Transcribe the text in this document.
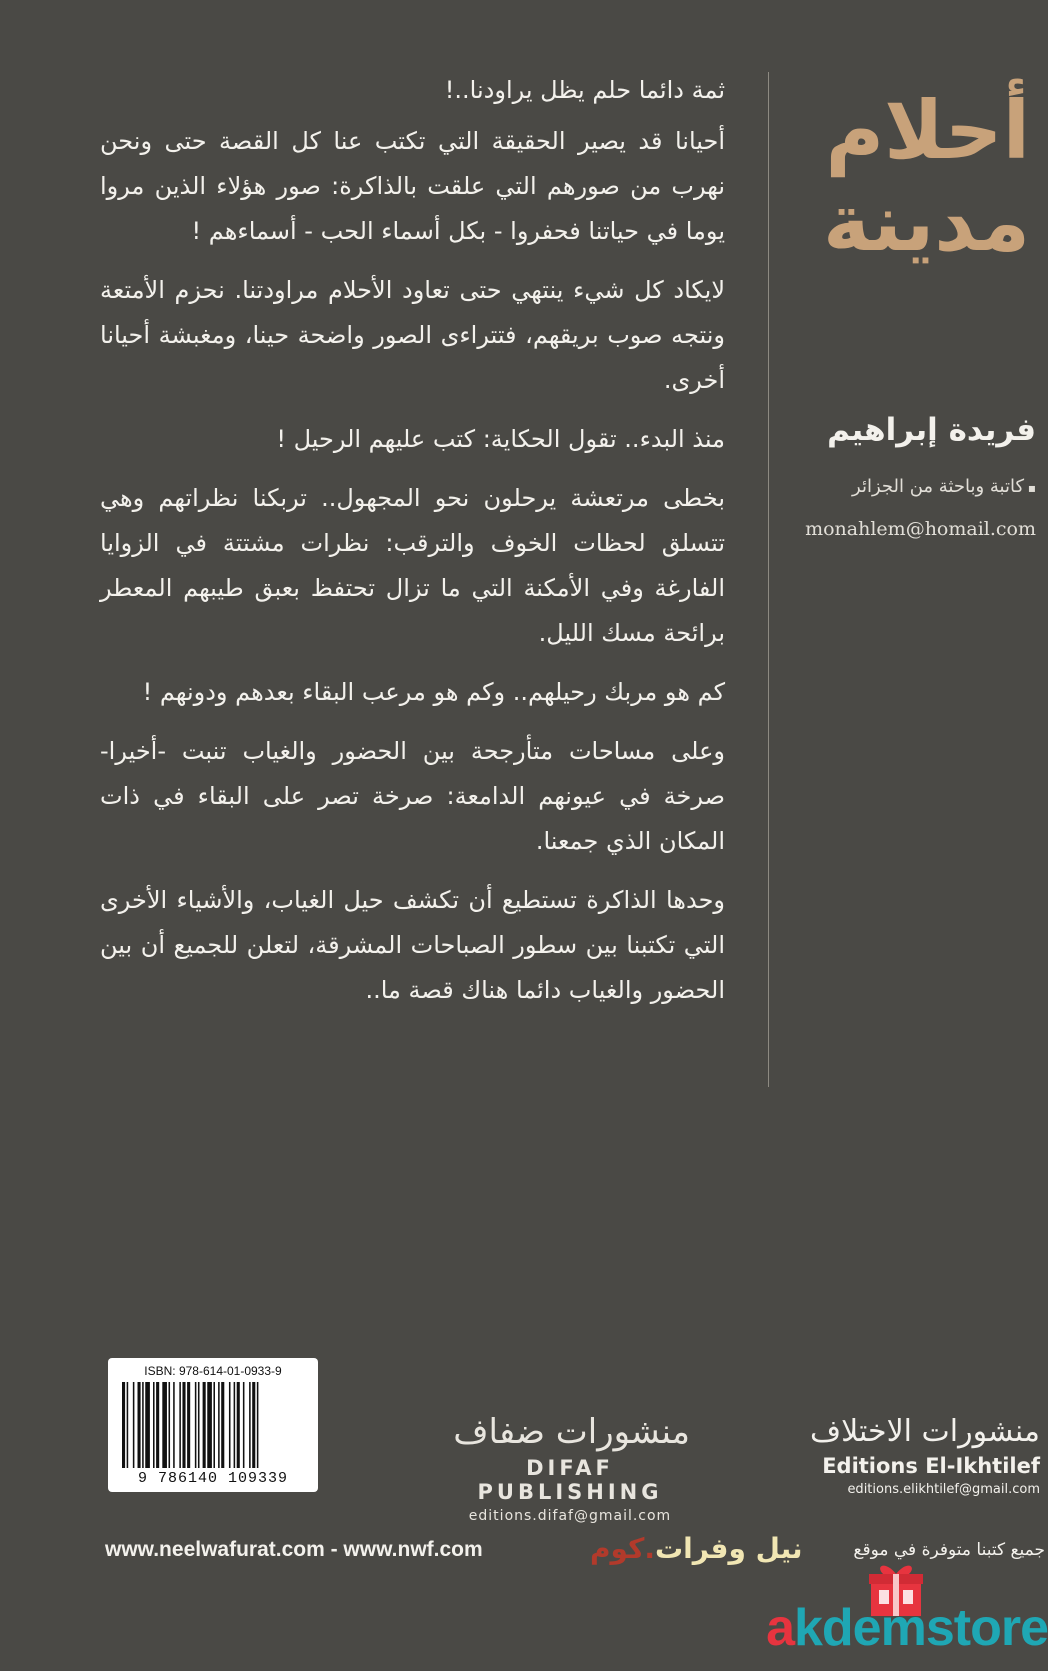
أحلام
مدينة

فريدة إبراهيم

▪ كاتبة وباحثة من الجزائر

monahlem@homail.com

ثمة دائما حلم يظل يراودنا..!

أحيانا قد يصير الحقيقة التي تكتب عنا كل القصة حتى ونحن نهرب من صورهم التي علقت بالذاكرة: صور هؤلاء الذين مروا يوما في حياتنا فحفروا - بكل أسماء الحب - أسماءهم !

لايكاد كل شيء ينتهي حتى تعاود الأحلام مراودتنا. نحزم الأمتعة ونتجه صوب بريقهم، فتتراءى الصور واضحة حينا، ومغبشة أحيانا أخرى.

منذ البدء.. تقول الحكاية: كتب عليهم الرحيل !

بخطى مرتعشة يرحلون نحو المجهول.. تربكنا نظراتهم وهي تتسلق لحظات الخوف والترقب: نظرات مشتتة في الزوايا الفارغة وفي الأمكنة التي ما تزال تحتفظ بعبق طيبهم المعطر برائحة مسك الليل.

كم هو مربك رحيلهم.. وكم هو مرعب البقاء بعدهم ودونهم !

وعلى مساحات متأرجحة بين الحضور والغياب تنبت -أخيرا- صرخة في عيونهم الدامعة: صرخة تصر على البقاء في ذات المكان الذي جمعنا.

وحدها الذاكرة تستطيع أن تكشف حيل الغياب، والأشياء الأخرى التي تكتبنا بين سطور الصباحات المشرقة، لتعلن للجميع أن بين الحضور والغياب دائما هناك قصة ما..

ISBN: 978-614-01-0933-9
9 786140 109339
منشورات ضفاف
DIFAF PUBLISHING
editions.difaf@gmail.com
منشورات الاختلاف
Editions El-Ikhtilef
editions.elikhtilef@gmail.com
www.neelwafurat.com - www.nwf.com	نيل وفرات.كوم	جميع كتبنا متوفرة في موقع
akdemstore
